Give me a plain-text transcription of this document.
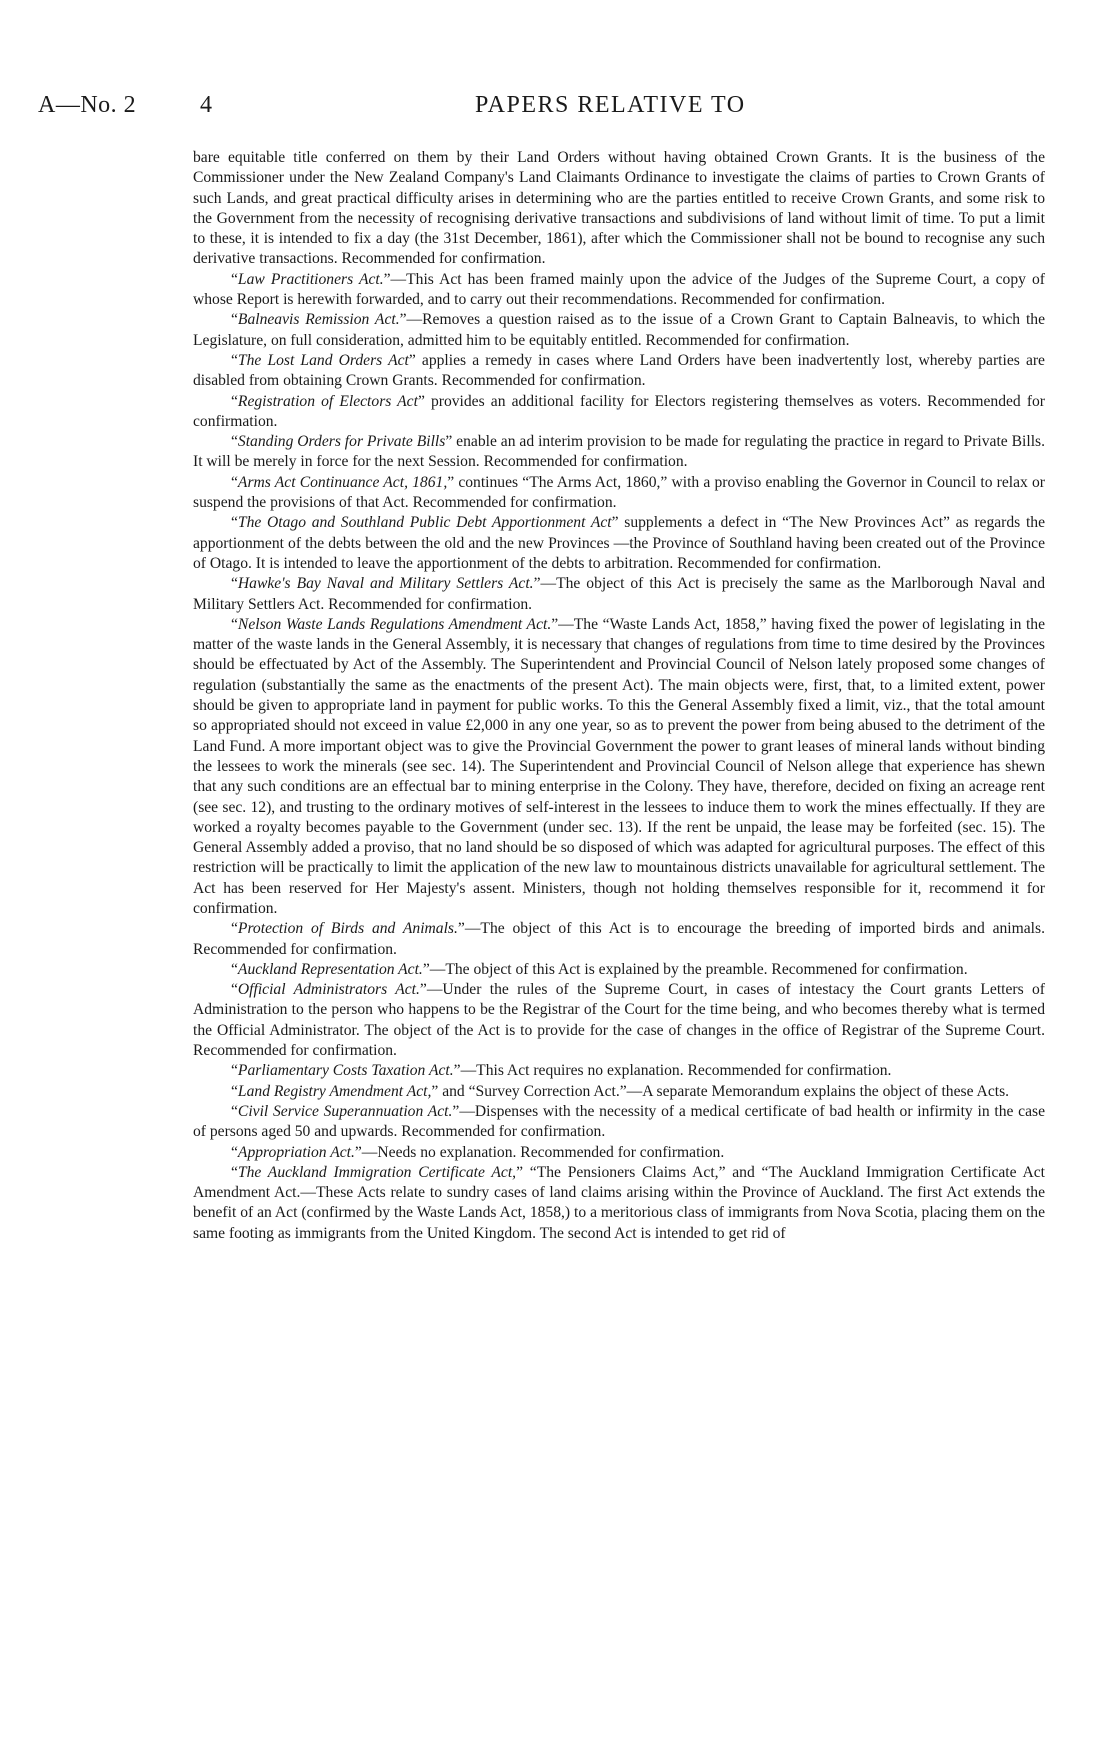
A—No. 2	4	PAPERS RELATIVE TO

bare equitable title conferred on them by their Land Orders without having obtained Crown Grants. It is the business of the Commissioner under the New Zealand Company's Land Claimants Ordinance to investigate the claims of parties to Crown Grants of such Lands, and great practical difficulty arises in determining who are the parties entitled to receive Crown Grants, and some risk to the Government from the necessity of recognising derivative transactions and subdivisions of land without limit of time. To put a limit to these, it is intended to fix a day (the 31st December, 1861), after which the Commissioner shall not be bound to recognise any such derivative transactions. Recommended for confirmation.

“Law Practitioners Act.”—This Act has been framed mainly upon the advice of the Judges of the Supreme Court, a copy of whose Report is herewith forwarded, and to carry out their recommendations. Recommended for confirmation.

“Balneavis Remission Act.”—Removes a question raised as to the issue of a Crown Grant to Captain Balneavis, to which the Legislature, on full consideration, admitted him to be equitably entitled. Recommended for confirmation.

“The Lost Land Orders Act” applies a remedy in cases where Land Orders have been inadvertently lost, whereby parties are disabled from obtaining Crown Grants. Recommended for confirmation.

“Registration of Electors Act” provides an additional facility for Electors registering themselves as voters. Recommended for confirmation.

“Standing Orders for Private Bills” enable an ad interim provision to be made for regulating the practice in regard to Private Bills. It will be merely in force for the next Session. Recommended for confirmation.

“Arms Act Continuance Act, 1861,” continues “The Arms Act, 1860,” with a proviso enabling the Governor in Council to relax or suspend the provisions of that Act. Recommended for confirmation.

“The Otago and Southland Public Debt Apportionment Act” supplements a defect in “The New Provinces Act” as regards the apportionment of the debts between the old and the new Provinces —the Province of Southland having been created out of the Province of Otago. It is intended to leave the apportionment of the debts to arbitration. Recommended for confirmation.

“Hawke's Bay Naval and Military Settlers Act.”—The object of this Act is precisely the same as the Marlborough Naval and Military Settlers Act. Recommended for confirmation.

“Nelson Waste Lands Regulations Amendment Act.”—The “Waste Lands Act, 1858,” having fixed the power of legislating in the matter of the waste lands in the General Assembly, it is necessary that changes of regulations from time to time desired by the Provinces should be effectuated by Act of the Assembly. The Superintendent and Provincial Council of Nelson lately proposed some changes of regulation (substantially the same as the enactments of the present Act). The main objects were, first, that, to a limited extent, power should be given to appropriate land in payment for public works. To this the General Assembly fixed a limit, viz., that the total amount so appropriated should not exceed in value £2,000 in any one year, so as to prevent the power from being abused to the detriment of the Land Fund. A more important object was to give the Provincial Government the power to grant leases of mineral lands without binding the lessees to work the minerals (see sec. 14). The Superintendent and Provincial Council of Nelson allege that experience has shewn that any such conditions are an effectual bar to mining enterprise in the Colony. They have, therefore, decided on fixing an acreage rent (see sec. 12), and trusting to the ordinary motives of self-interest in the lessees to induce them to work the mines effectually. If they are worked a royalty becomes payable to the Government (under sec. 13). If the rent be unpaid, the lease may be forfeited (sec. 15). The General Assembly added a proviso, that no land should be so disposed of which was adapted for agricultural purposes. The effect of this restriction will be practically to limit the application of the new law to mountainous districts unavailable for agricultural settlement. The Act has been reserved for Her Majesty's assent. Ministers, though not holding themselves responsible for it, recommend it for confirmation.

“Protection of Birds and Animals.”—The object of this Act is to encourage the breeding of imported birds and animals. Recommended for confirmation.

“Auckland Representation Act.”—The object of this Act is explained by the preamble. Recommened for confirmation.

“Official Administrators Act.”—Under the rules of the Supreme Court, in cases of intestacy the Court grants Letters of Administration to the person who happens to be the Registrar of the Court for the time being, and who becomes thereby what is termed the Official Administrator. The object of the Act is to provide for the case of changes in the office of Registrar of the Supreme Court. Recommended for confirmation.

“Parliamentary Costs Taxation Act.”—This Act requires no explanation. Recommended for confirmation.

“Land Registry Amendment Act,” and “Survey Correction Act.”—A separate Memorandum explains the object of these Acts.

“Civil Service Superannuation Act.”—Dispenses with the necessity of a medical certificate of bad health or infirmity in the case of persons aged 50 and upwards. Recommended for confirmation.

“Appropriation Act.”—Needs no explanation. Recommended for confirmation.

“The Auckland Immigration Certificate Act,” “The Pensioners Claims Act,” and “The Auckland Immigration Certificate Act Amendment Act.—These Acts relate to sundry cases of land claims arising within the Province of Auckland. The first Act extends the benefit of an Act (confirmed by the Waste Lands Act, 1858,) to a meritorious class of immigrants from Nova Scotia, placing them on the same footing as immigrants from the United Kingdom. The second Act is intended to get rid of
